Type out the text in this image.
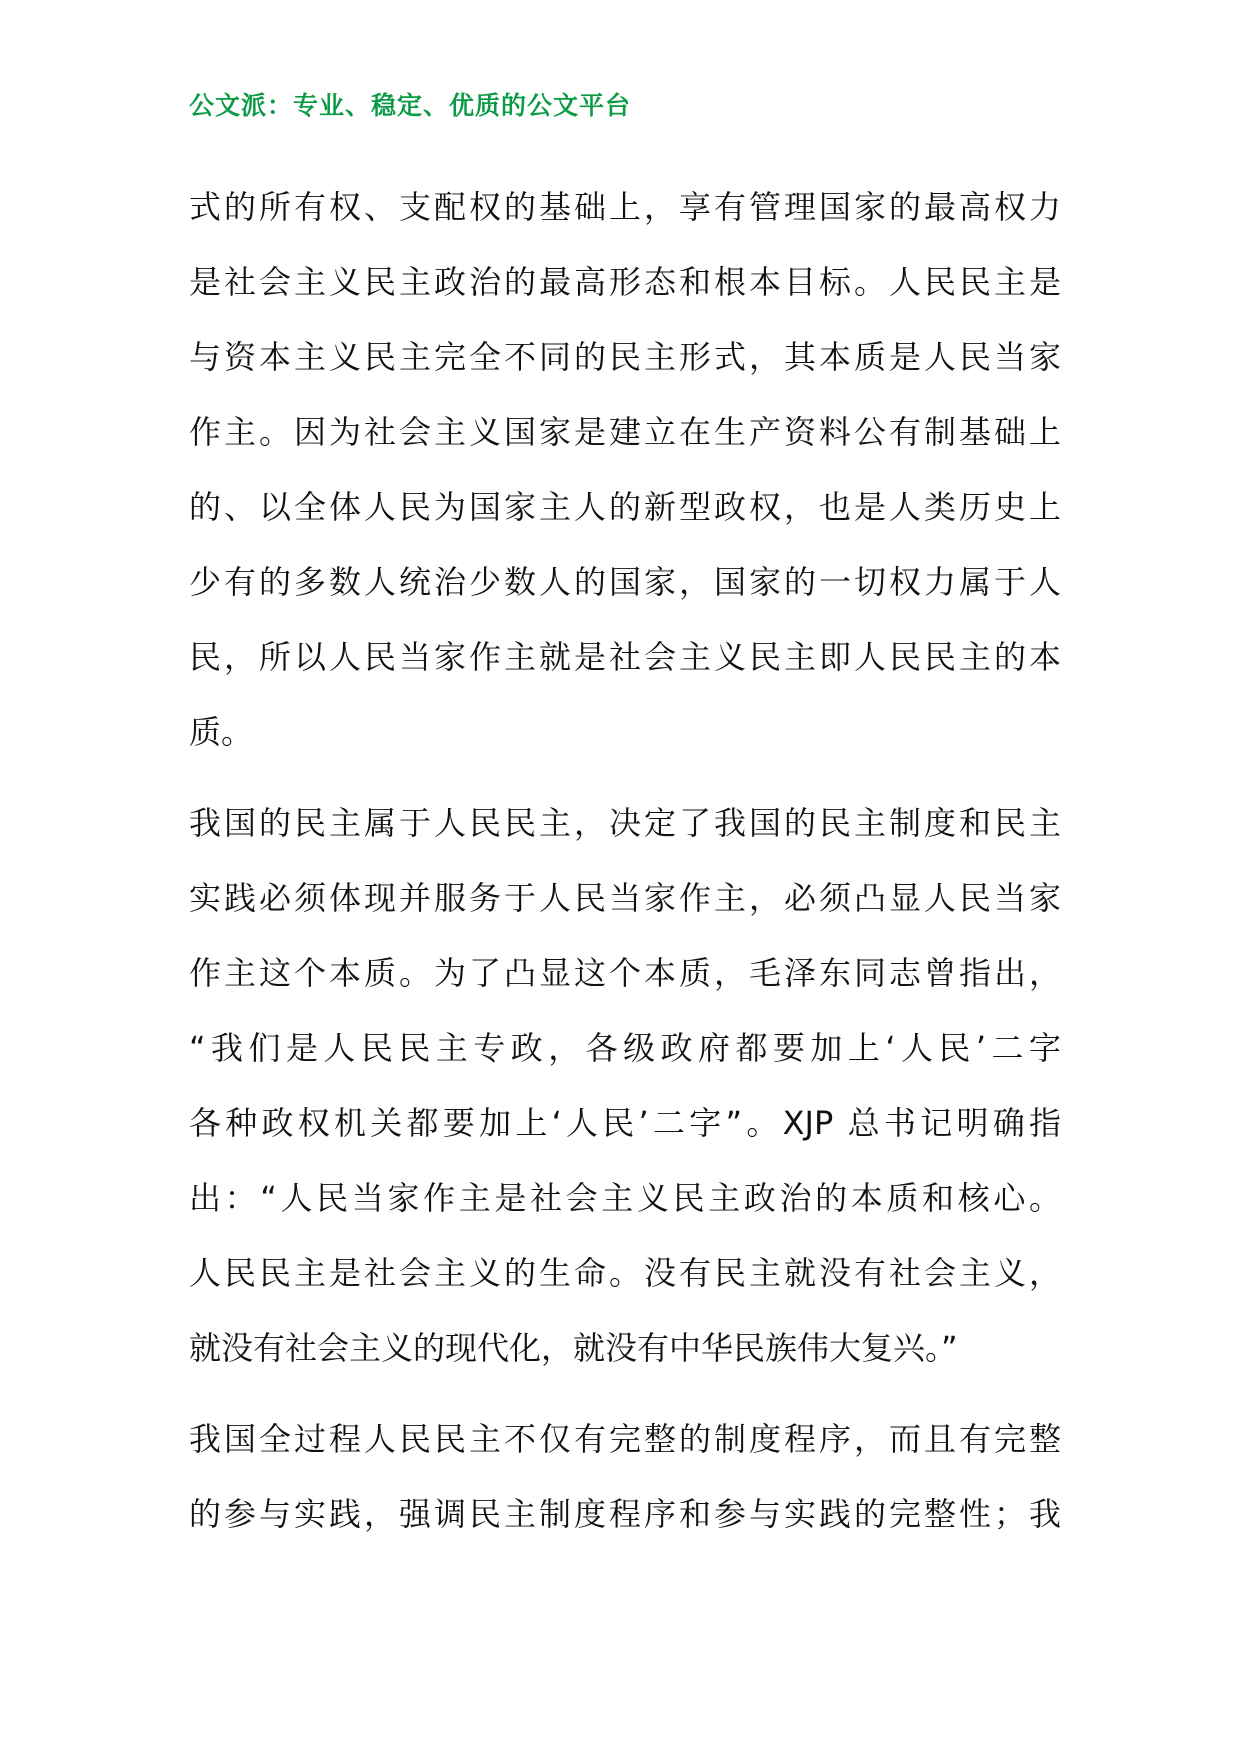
公文派：专业、稳定、优质的公文平台
式的所有权、支配权的基础上，享有管理国家的最高权力
是社会主义民主政治的最高形态和根本目标。人民民主是
与资本主义民主完全不同的民主形式，其本质是人民当家
作主。因为社会主义国家是建立在生产资料公有制基础上
的、以全体人民为国家主人的新型政权，也是人类历史上
少有的多数人统治少数人的国家，国家的一切权力属于人
民，所以人民当家作主就是社会主义民主即人民民主的本
质。
我国的民主属于人民民主，决定了我国的民主制度和民主
实践必须体现并服务于人民当家作主，必须凸显人民当家
作主这个本质。为了凸显这个本质，毛泽东同志曾指出，
“我们是人民民主专政，各级政府都要加上‘人民’二字
各种政权机关都要加上‘人民’二字”。XJP 总书记明确指
出：“人民当家作主是社会主义民主政治的本质和核心。
人民民主是社会主义的生命。没有民主就没有社会主义，
就没有社会主义的现代化，就没有中华民族伟大复兴。”
我国全过程人民民主不仅有完整的制度程序，而且有完整
的参与实践，强调民主制度程序和参与实践的完整性；我
